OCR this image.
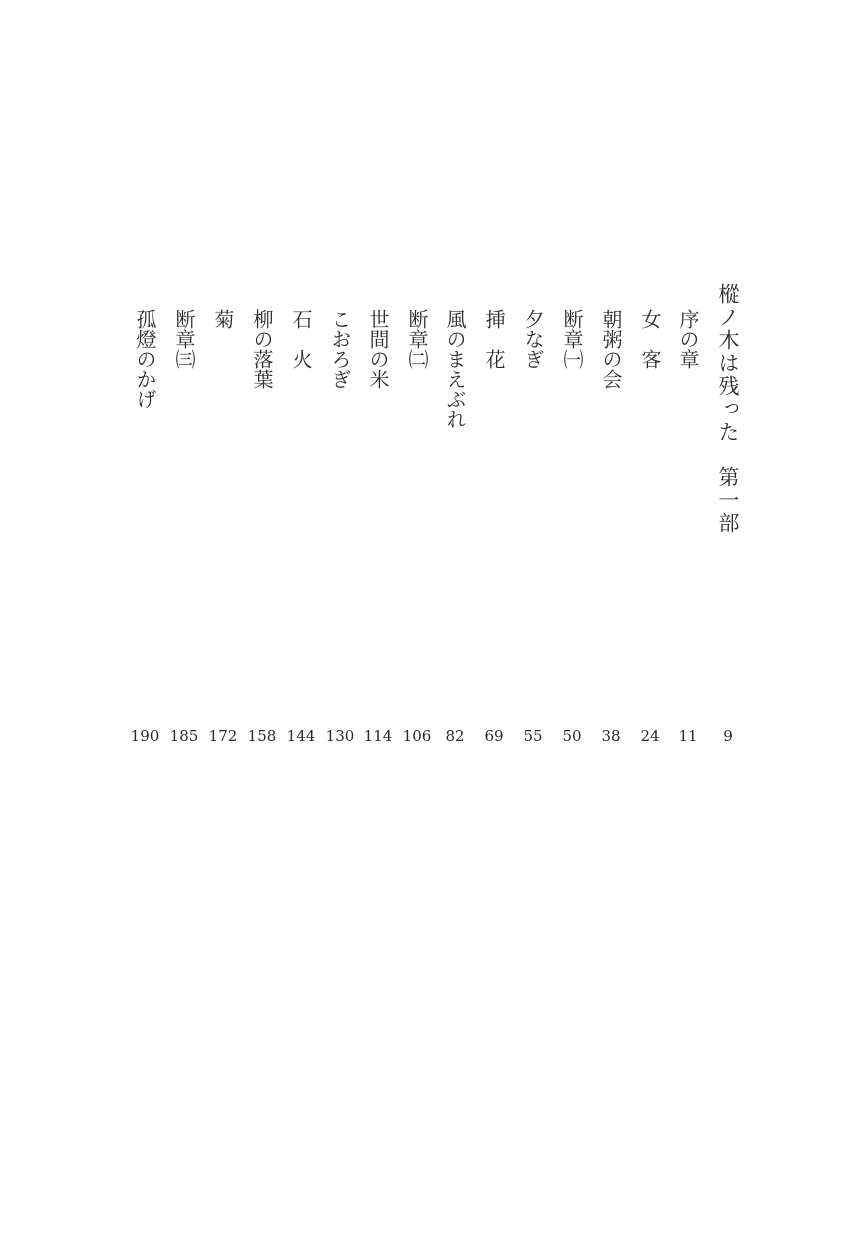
樅ノ木は残った
第一部
9
序の章
11
女　客
24
朝粥の会
38
断章㈠
50
夕なぎ
55
挿　花
69
風のまえぶれ
82
断章㈡
106
世間の米
114
こおろぎ
130
石　火
144
柳の落葉
158
菊
172
断章㈢
185
孤燈のかげ
190
